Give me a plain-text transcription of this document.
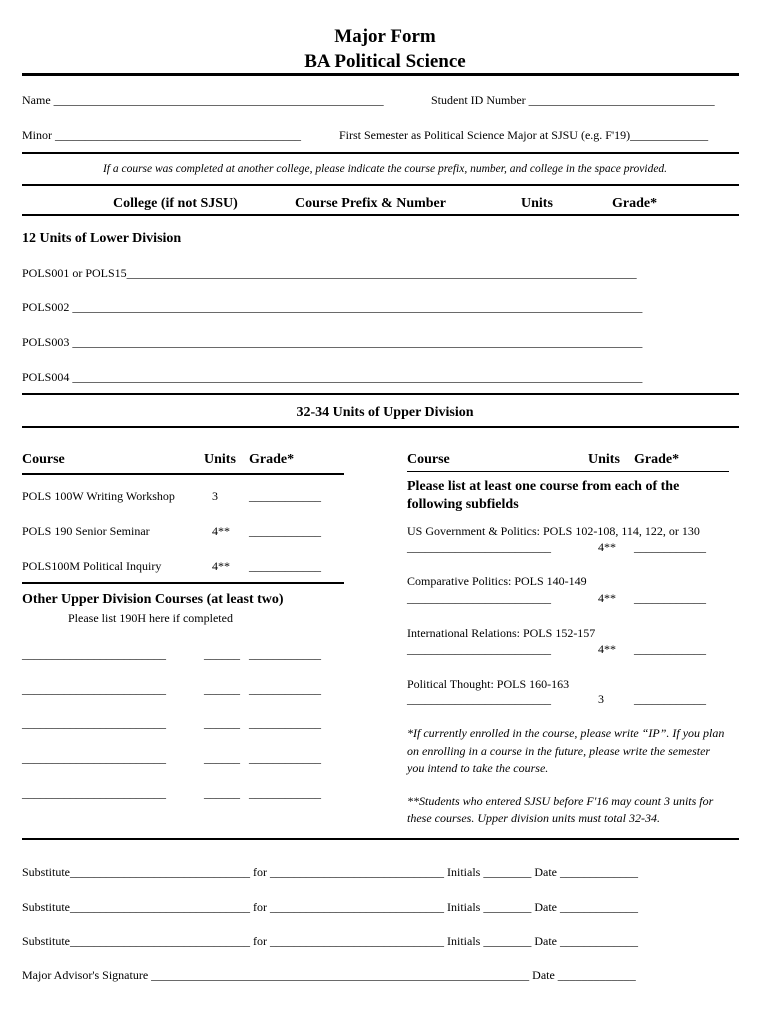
Major Form
BA Political Science
Name _______________________________________________________	Student ID Number _______________________________
Minor _________________________________________	First Semester as Political Science Major at SJSU (e.g. F'19)_____________
If a course was completed at another college, please indicate the course prefix, number, and college in the space provided.
College (if not SJSU)	Course Prefix & Number	Units	Grade*
12 Units of Lower Division
POLS001 or POLS15_____________________________________________________________________________________
POLS002 _______________________________________________________________________________________________
POLS003 _______________________________________________________________________________________________
POLS004 _______________________________________________________________________________________________
32-34 Units of Upper Division
Course	Units Grade*	Course	Units Grade*
POLS 100W Writing Workshop	3	____________
POLS 190 Senior Seminar	4** ____________
POLS100M Political Inquiry	4** ____________
Other Upper Division Courses (at least two)
Please list 190H here if completed
________________________	______ ____________
________________________	______ ____________
________________________	______ ____________
________________________	______ ____________
________________________	______ ____________
Please list at least one course from each of the
following subfields
US Government & Politics: POLS 102-108, 114, 122, or 130
________________________	4** ____________
Comparative Politics: POLS 140-149
________________________	4** ____________
International Relations: POLS 152-157
________________________	4** ____________
Political Thought: POLS 160-163
________________________	3	____________
*If currently enrolled in the course, please write “IP”. If you plan
on enrolling in a course in the future, please write the semester
you intend to take the course.
**Students who entered SJSU before F'16 may count 3 units for
these courses. Upper division units must total 32-34.
Substitute______________________________ for _____________________________ Initials ________ Date _____________
Substitute______________________________ for _____________________________ Initials ________ Date _____________
Substitute______________________________ for _____________________________ Initials ________ Date _____________
Major Advisor's Signature _______________________________________________________________ Date _____________
